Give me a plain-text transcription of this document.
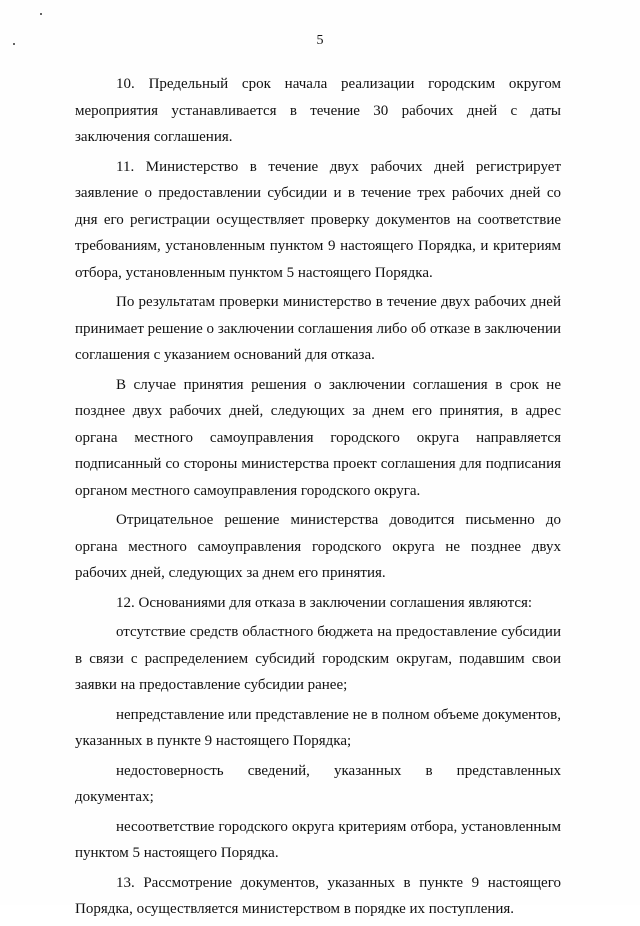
5

10. Предельный срок начала реализации городским округом мероприятия устанавливается в течение 30 рабочих дней с даты заключения соглашения.

11. Министерство в течение двух рабочих дней регистрирует заявление о предоставлении субсидии и в течение трех рабочих дней со дня его регистрации осуществляет проверку документов на соответствие требованиям, установленным пунктом 9 настоящего Порядка, и критериям отбора, установленным пунктом 5 настоящего Порядка.

По результатам проверки министерство в течение двух рабочих дней принимает решение о заключении соглашения либо об отказе в заключении соглашения с указанием оснований для отказа.

В случае принятия решения о заключении соглашения в срок не позднее двух рабочих дней, следующих за днем его принятия, в адрес органа местного самоуправления городского округа направляется подписанный со стороны министерства проект соглашения для подписания органом местного самоуправления городского округа.

Отрицательное решение министерства доводится письменно до органа местного самоуправления городского округа не позднее двух рабочих дней, следующих за днем его принятия.

12. Основаниями для отказа в заключении соглашения являются:

отсутствие средств областного бюджета на предоставление субсидии в связи с распределением субсидий городским округам, подавшим свои заявки на предоставление субсидии ранее;

непредставление или представление не в полном объеме документов, указанных в пункте 9 настоящего Порядка;

недостоверность сведений, указанных в представленных документах;

несоответствие городского округа критериям отбора, установленным пунктом 5 настоящего Порядка.

13. Рассмотрение документов, указанных в пункте 9 настоящего Порядка, осуществляется министерством в порядке их поступления.
